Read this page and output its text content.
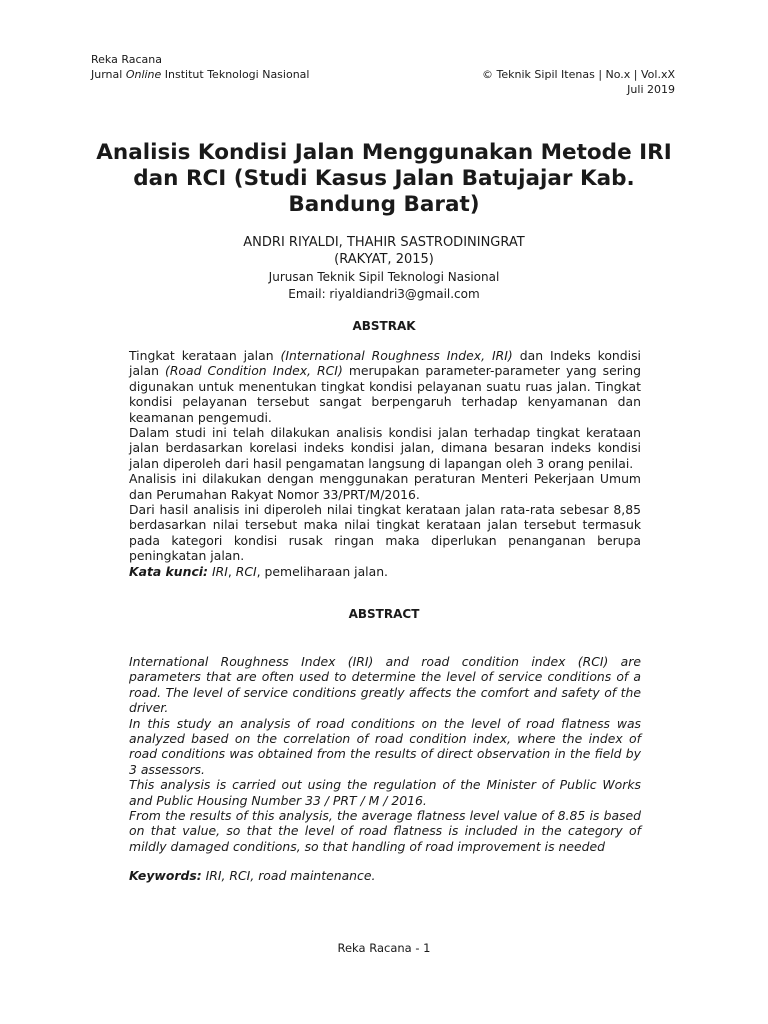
Reka Racana
Jurnal Online Institut Teknologi Nasional	© Teknik Sipil Itenas | No.x | Vol.xX
Juli 2019
Analisis Kondisi Jalan Menggunakan Metode IRI dan RCI (Studi Kasus Jalan Batujajar Kab. Bandung Barat)
ANDRI RIYALDI, THAHIR SASTRODININGRAT
(RAKYAT, 2015)
Jurusan Teknik Sipil Teknologi Nasional
Email: riyaldiandri3@gmail.com
ABSTRAK

Tingkat kerataan jalan (International Roughness Index, IRI) dan Indeks kondisi jalan (Road Condition Index, RCI) merupakan parameter-parameter yang sering digunakan untuk menentukan tingkat kondisi pelayanan suatu ruas jalan. Tingkat kondisi pelayanan tersebut sangat berpengaruh terhadap kenyamanan dan keamanan pengemudi.

Dalam studi ini telah dilakukan analisis kondisi jalan terhadap tingkat kerataan jalan berdasarkan korelasi indeks kondisi jalan, dimana besaran indeks kondisi jalan diperoleh dari hasil pengamatan langsung di lapangan oleh 3 orang penilai.

Analisis ini dilakukan dengan menggunakan peraturan Menteri Pekerjaan Umum dan Perumahan Rakyat Nomor 33/PRT/M/2016.

Dari hasil analisis ini diperoleh nilai tingkat kerataan jalan rata-rata sebesar 8,85 berdasarkan nilai tersebut maka nilai tingkat kerataan jalan tersebut termasuk pada kategori kondisi rusak ringan maka diperlukan penanganan berupa peningkatan jalan.

Kata kunci: IRI, RCI, pemeliharaan jalan.

ABSTRACT

International Roughness Index (IRI) and road condition index (RCI) are parameters that are often used to determine the level of service conditions of a road. The level of service conditions greatly affects the comfort and safety of the driver.

In this study an analysis of road conditions on the level of road flatness was analyzed based on the correlation of road condition index, where the index of road conditions was obtained from the results of direct observation in the field by 3 assessors.

This analysis is carried out using the regulation of the Minister of Public Works and Public Housing Number 33 / PRT / M / 2016.

From the results of this analysis, the average flatness level value of 8.85 is based on that value, so that the level of road flatness is included in the category of mildly damaged conditions, so that handling of road improvement is needed

Keywords: IRI, RCI, road maintenance.

Reka Racana - 1
